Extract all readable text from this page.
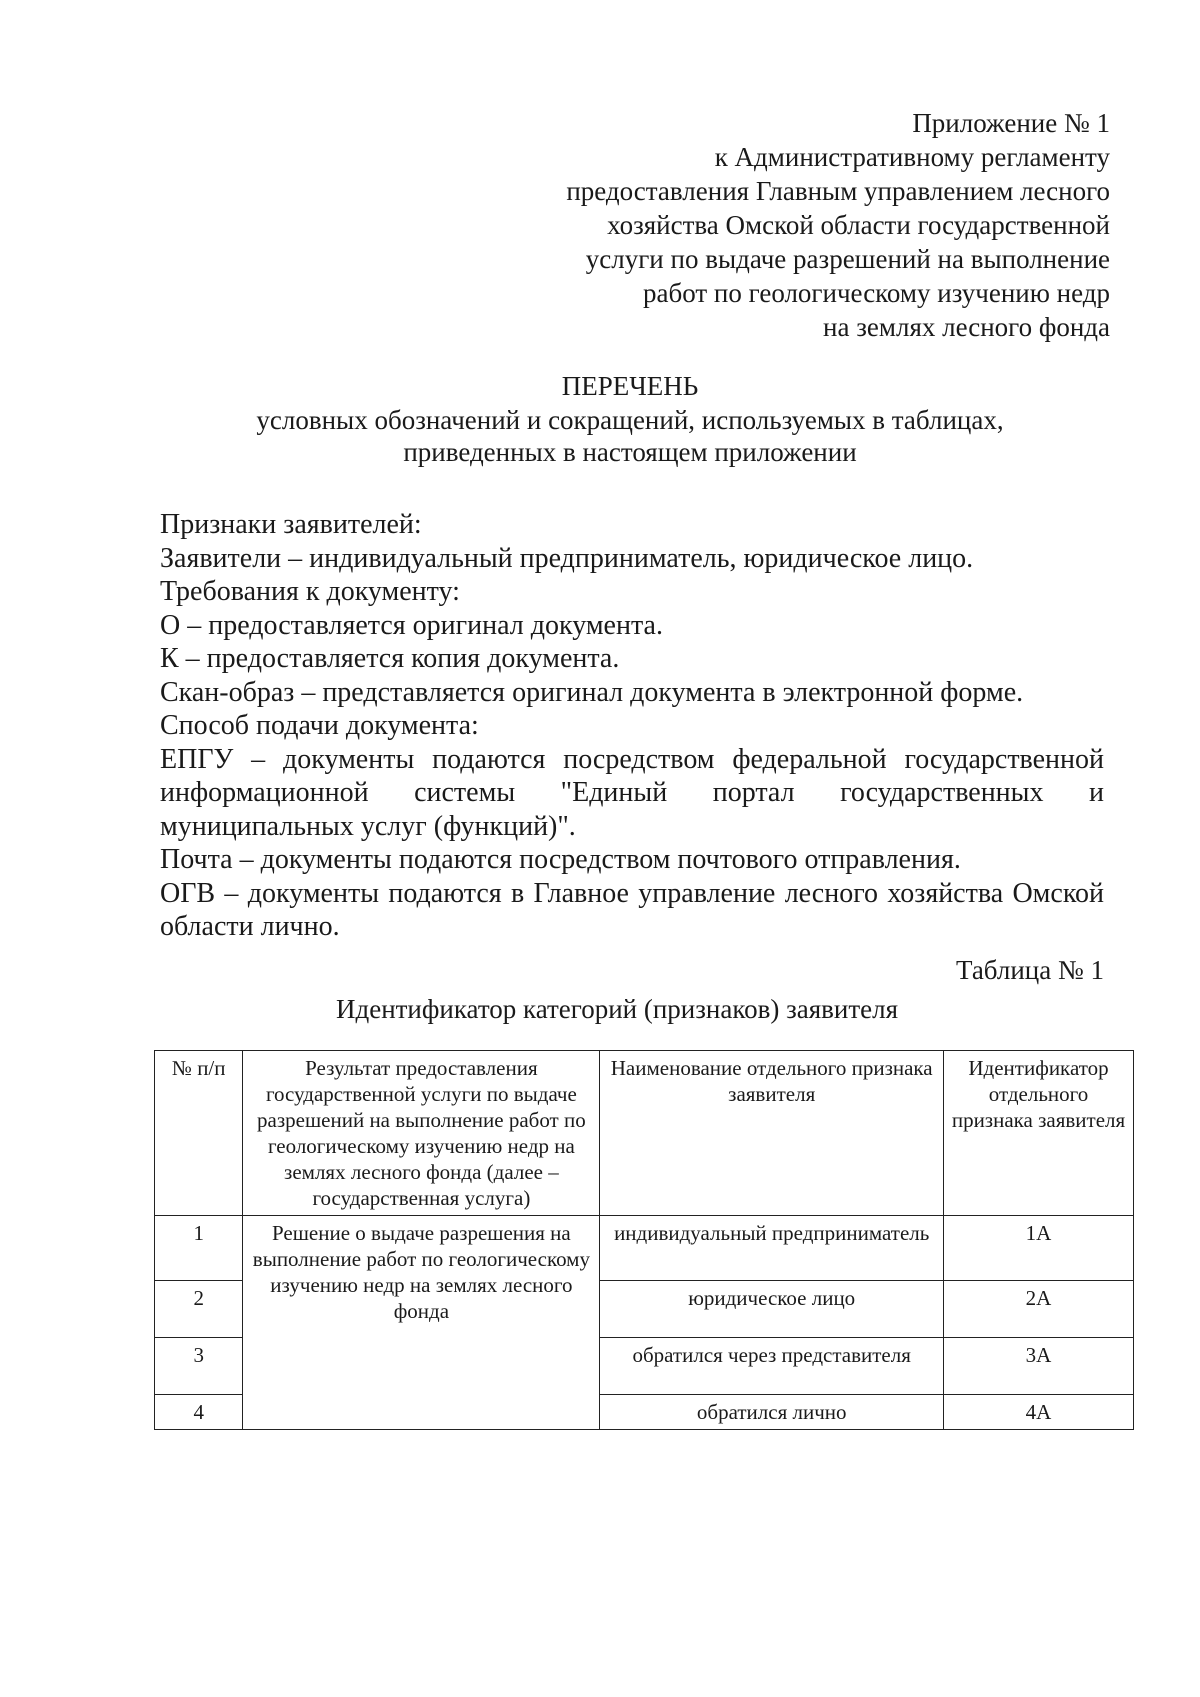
Приложение № 1
к Административному регламенту
предоставления Главным управлением лесного
хозяйства Омской области государственной
услуги по выдаче разрешений на выполнение
работ по геологическому изучению недр
на землях лесного фонда
ПЕРЕЧЕНЬ
условных обозначений и сокращений, используемых в таблицах,
приведенных в настоящем приложении

Признаки заявителей:

Заявители – индивидуальный предприниматель, юридическое лицо.

Требования к документу:

О – предоставляется оригинал документа.

К – предоставляется копия документа.

Скан-образ – представляется оригинал документа в электронной форме.

Способ подачи документа:

ЕПГУ – документы подаются посредством федеральной государственной информационной системы "Единый портал государственных и муниципальных услуг (функций)".

Почта – документы подаются посредством почтового отправления.

ОГВ – документы подаются в Главное управление лесного хозяйства Омской области лично.

Таблица № 1
Идентификатор категорий (признаков) заявителя
№ п/п	Результат предоставления государственной услуги по выдаче разрешений на выполнение работ по геологическому изучению недр на землях лесного фонда (далее – государственная услуга)	Наименование отдельного признака заявителя	Идентификатор отдельного признака заявителя
1	Решение о выдаче разрешения на выполнение работ по геологическому изучению недр на землях лесного фонда	индивидуальный предприниматель	1А
2		юридическое лицо	2А
3		обратился через представителя	3А
4		обратился лично	4А
